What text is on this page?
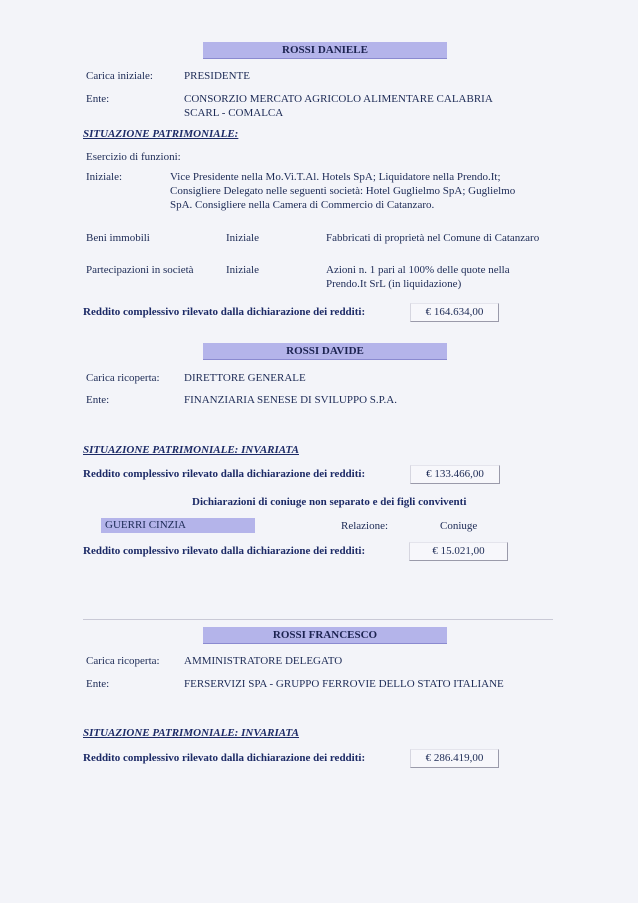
ROSSI DANIELE
Carica iniziale:	PRESIDENTE
Ente:	CONSORZIO MERCATO AGRICOLO ALIMENTARE CALABRIA
SCARL - COMALCA
SITUAZIONE PATRIMONIALE:
Esercizio di funzioni:
Iniziale:	Vice Presidente nella Mo.Vi.T.Al. Hotels SpA; Liquidatore nella Prendo.It;
Consigliere Delegato nelle seguenti società: Hotel Guglielmo SpA; Guglielmo
SpA. Consigliere nella Camera di Commercio di Catanzaro.
Beni immobili	Iniziale	Fabbricati di proprietà nel Comune di Catanzaro
Partecipazioni in società	Iniziale	Azioni n. 1 pari al 100% delle quote nella
Prendo.It SrL (in liquidazione)
Reddito complessivo rilevato dalla dichiarazione dei redditi:	€ 164.634,00
ROSSI DAVIDE
Carica ricoperta: DIRETTORE GENERALE
Ente:	FINANZIARIA SENESE DI SVILUPPO S.P.A.
SITUAZIONE PATRIMONIALE: INVARIATA
Reddito complessivo rilevato dalla dichiarazione dei redditi:	€ 133.466,00
Dichiarazioni di coniuge non separato e dei figli conviventi
GUERRI CINZIA	Relazione:	Coniuge
Reddito complessivo rilevato dalla dichiarazione dei redditi:	€ 15.021,00
ROSSI FRANCESCO
Carica ricoperta: AMMINISTRATORE DELEGATO
Ente:	FERSERVIZI SPA - GRUPPO FERROVIE DELLO STATO ITALIANE
SITUAZIONE PATRIMONIALE: INVARIATA
Reddito complessivo rilevato dalla dichiarazione dei redditi:	€ 286.419,00
